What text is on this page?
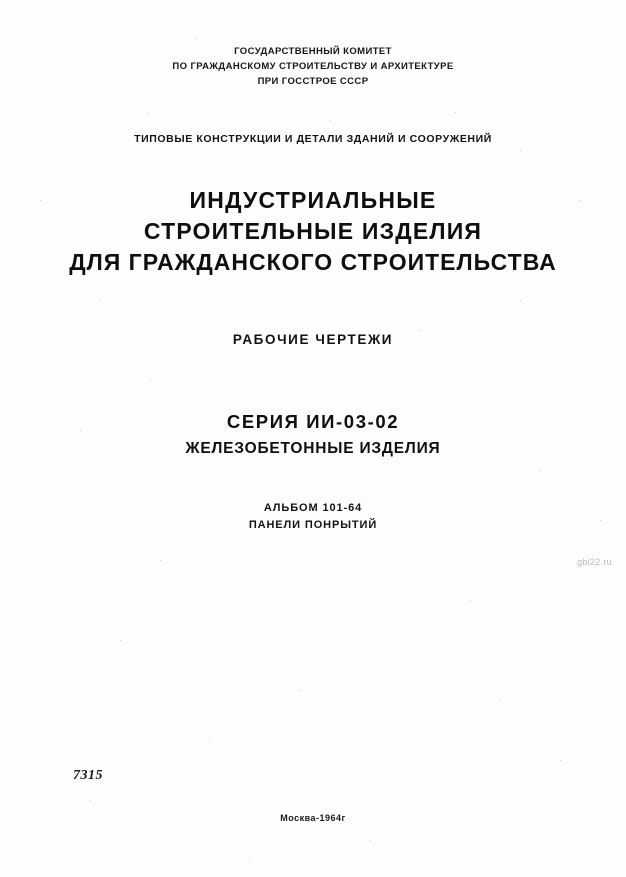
ГОСУДАРСТВЕННЫЙ КОМИТЕТ
ПО ГРАЖДАНСКОМУ СТРОИТЕЛЬСТВУ И АРХИТЕКТУРЕ
ПРИ ГОССТРОЕ СССР
ТИПОВЫЕ КОНСТРУКЦИИ И ДЕТАЛИ ЗДАНИЙ И СООРУЖЕНИЙ
ИНДУСТРИАЛЬНЫЕ
СТРОИТЕЛЬНЫЕ ИЗДЕЛИЯ
ДЛЯ ГРАЖДАНСКОГО СТРОИТЕЛЬСТВА
РАБОЧИЕ ЧЕРТЕЖИ
СЕРИЯ ИИ-03-02
ЖЕЛЕЗОБЕТОННЫЕ ИЗДЕЛИЯ
АЛЬБОМ 101-64
ПАНЕЛИ ПОНРЫТИЙ
gbi22.ru
7315
Москва-1964г
